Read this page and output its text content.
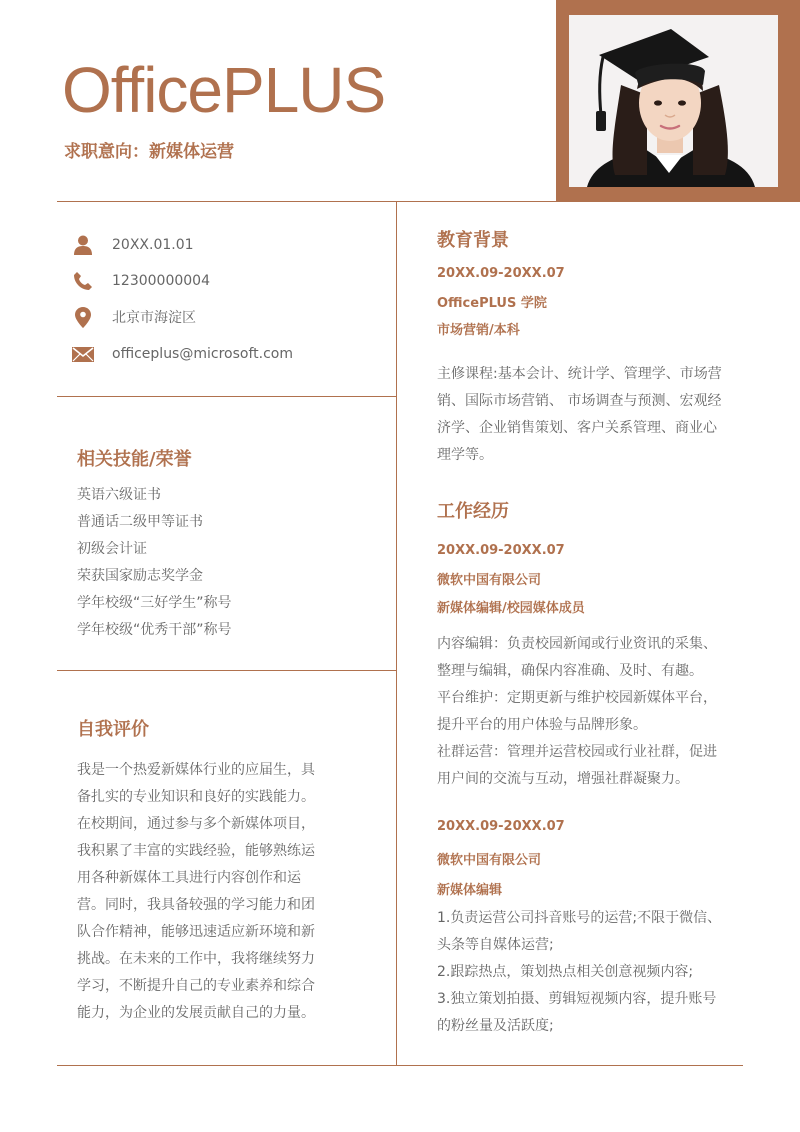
OfficePLUS
求职意向：新媒体运营
20XX.01.01
12300000004
北京市海淀区
officeplus@microsoft.com
相关技能/荣誉
英语六级证书
普通话二级甲等证书
初级会计证
荣获国家励志奖学金
学年校级“三好学生”称号
学年校级“优秀干部”称号
自我评价
我是一个热爱新媒体行业的应届生，具
备扎实的专业知识和良好的实践能力。
在校期间，通过参与多个新媒体项目，
我积累了丰富的实践经验，能够熟练运
用各种新媒体工具进行内容创作和运
营。同时，我具备较强的学习能力和团
队合作精神，能够迅速适应新环境和新
挑战。在未来的工作中，我将继续努力
学习，不断提升自己的专业素养和综合
能力，为企业的发展贡献自己的力量。
教育背景
20XX.09-20XX.07
OfficePLUS 学院
市场营销/本科
主修课程:基本会计、统计学、管理学、市场营
销、国际市场营销、 市场调查与预测、宏观经
济学、企业销售策划、客户关系管理、商业心
理学等。
工作经历
20XX.09-20XX.07
微软中国有限公司
新媒体编辑/校园媒体成员
内容编辑：负责校园新闻或行业资讯的采集、
整理与编辑，确保内容准确、及时、有趣。
平台维护：定期更新与维护校园新媒体平台，
提升平台的用户体验与品牌形象。
社群运营：管理并运营校园或行业社群，促进
用户间的交流与互动，增强社群凝聚力。
20XX.09-20XX.07
微软中国有限公司
新媒体编辑
1.负责运营公司抖音账号的运营;不限于微信、
头条等自媒体运营;
2.跟踪热点，策划热点相关创意视频内容;
3.独立策划拍摄、剪辑短视频内容，提升账号
的粉丝量及活跃度;
